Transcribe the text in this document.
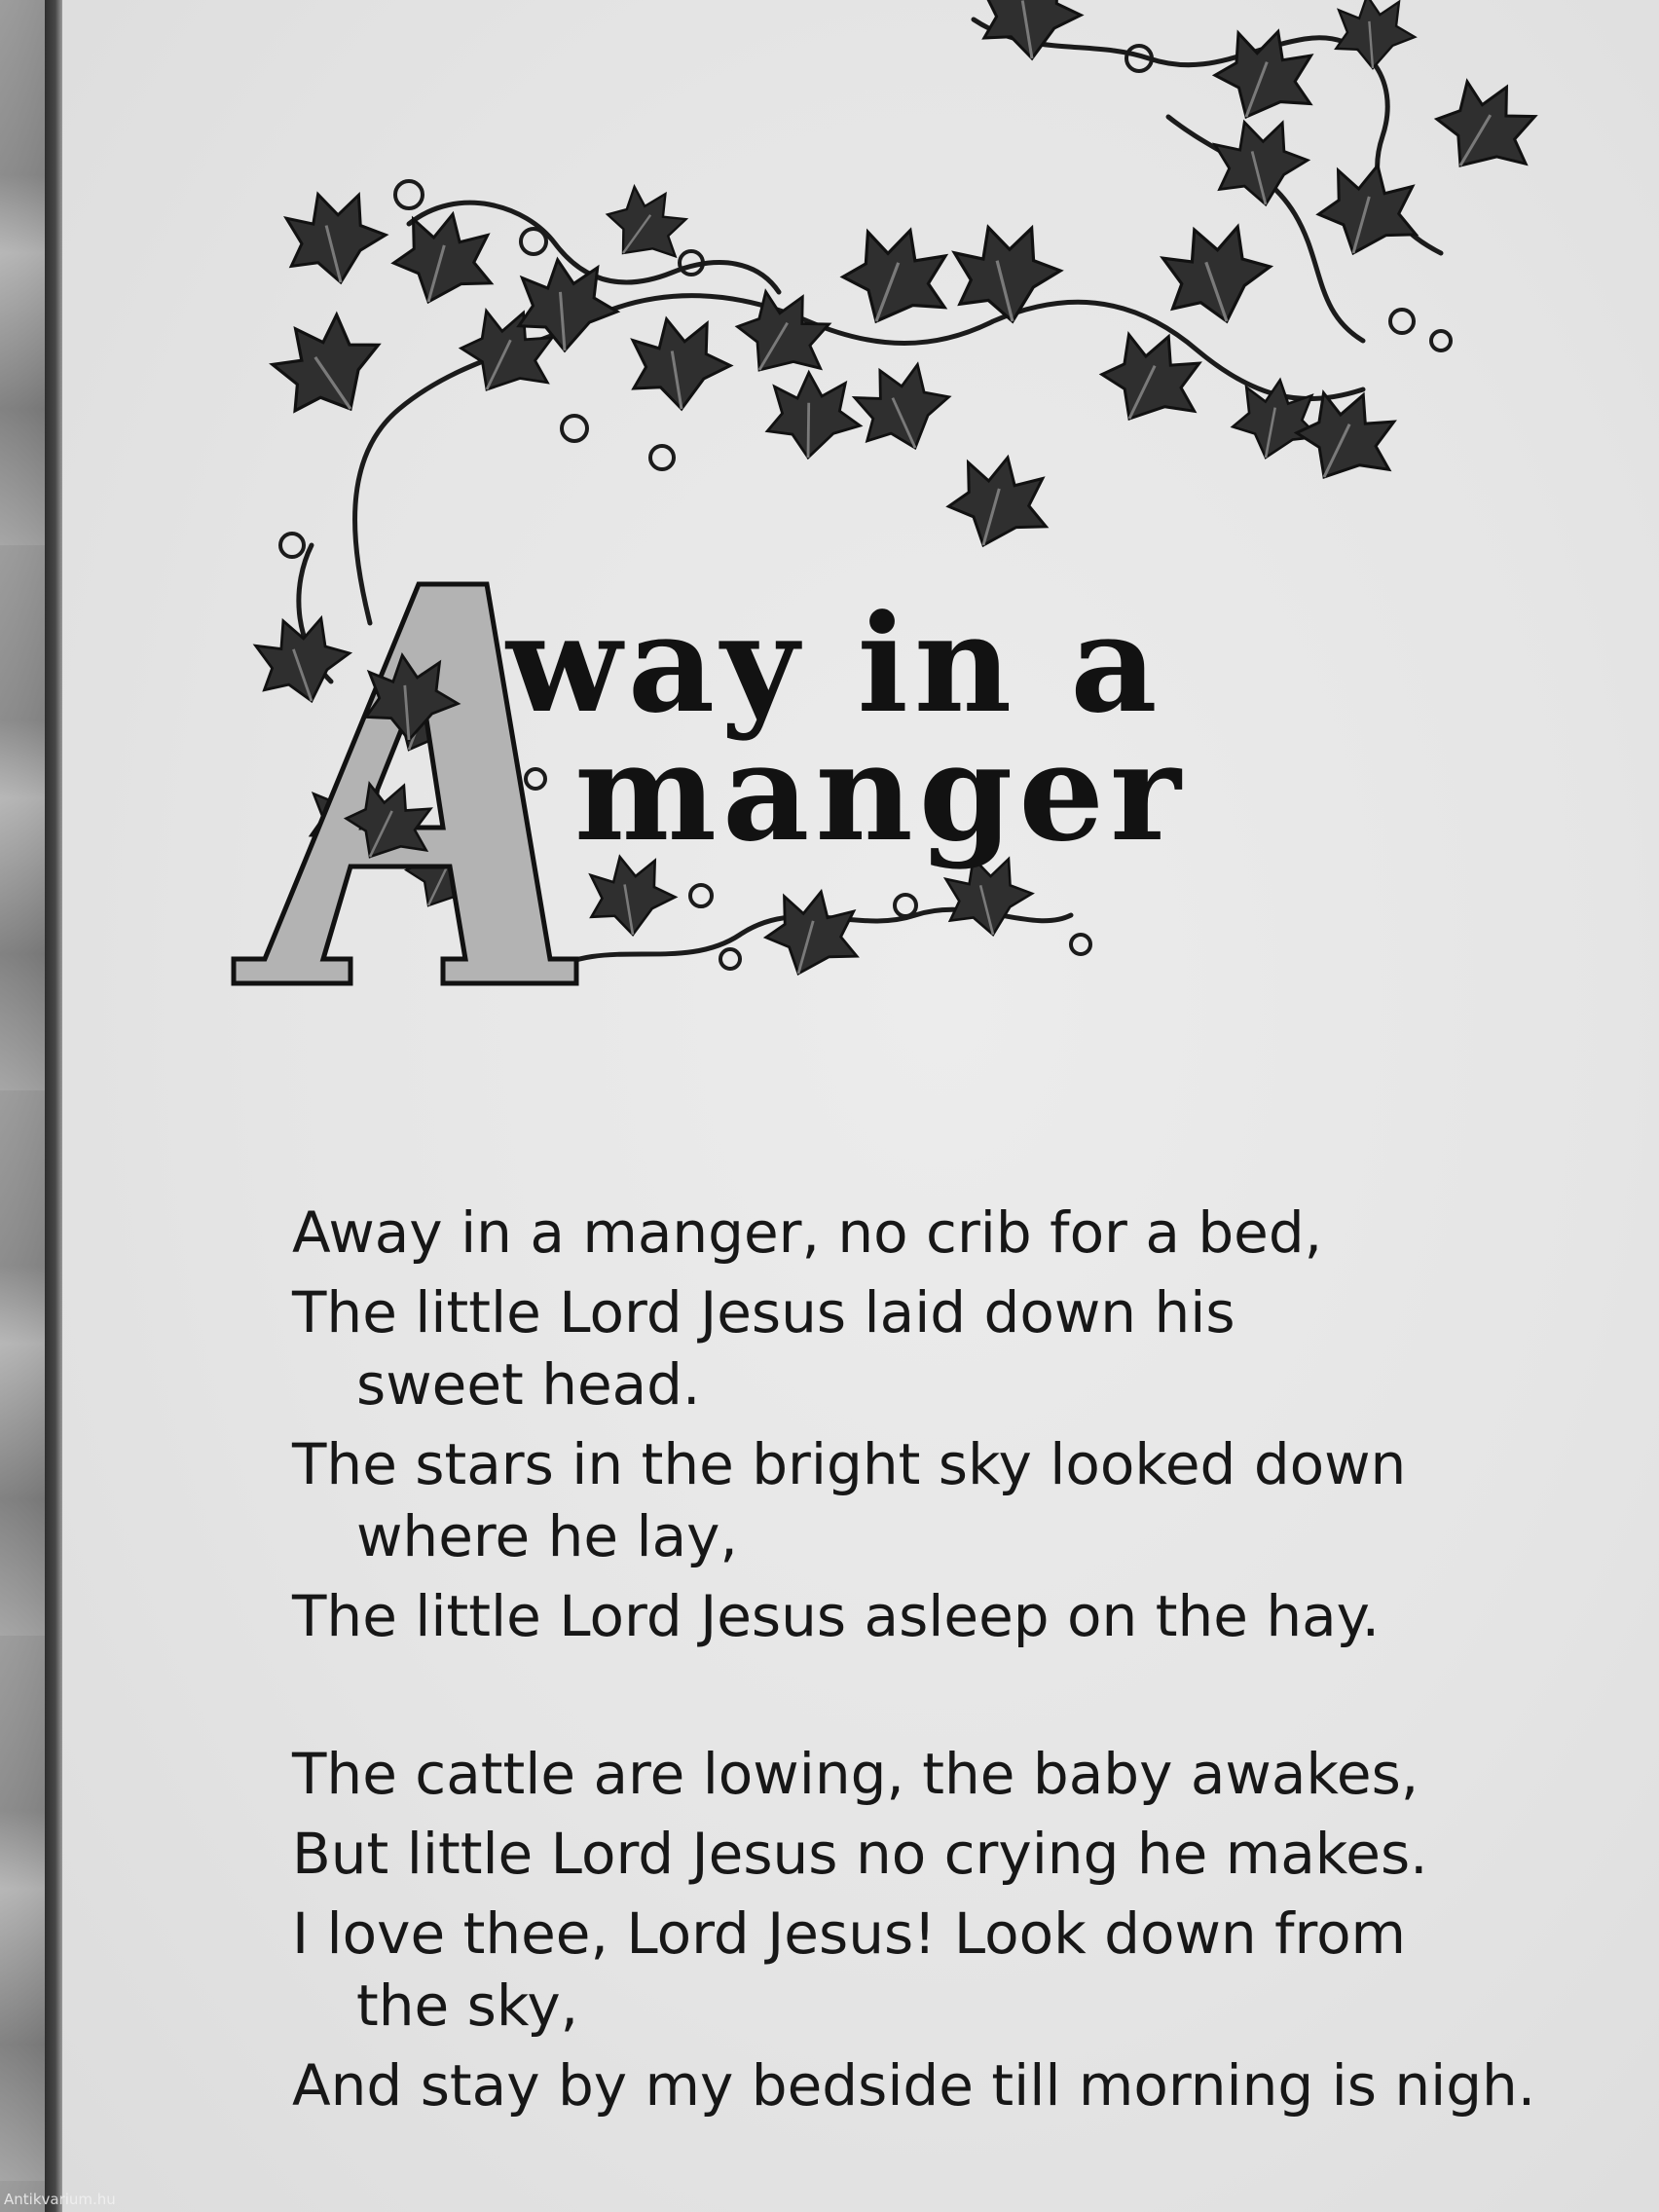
way in a
manger
Away in a manger, no crib for a bed,
The little Lord Jesus laid down his
sweet head.
The stars in the bright sky looked down
where he lay,
The little Lord Jesus asleep on the hay.
The cattle are lowing, the baby awakes,
But little Lord Jesus no crying he makes.
I love thee, Lord Jesus! Look down from
the sky,
And stay by my bedside till morning is nigh.
Antikvarium.hu
